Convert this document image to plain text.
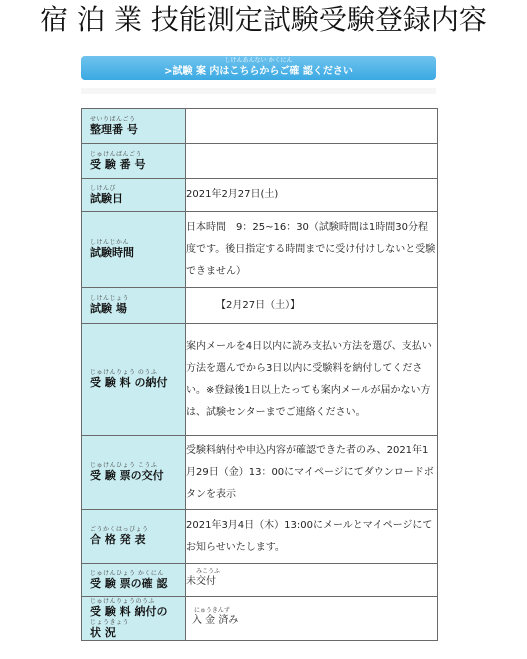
宿 泊 業 技能測定試験受験登録内容
しけんあんない かくにん
>試験 案 内はこちらからご確 認ください
せいりばんごう
整理番 号	

じゅけんばんごう
受 験 番 号	

しけんび
試験日	2021年2月27日(土)

しけんじかん
試験時間	日本時間　9：25~16：30（試験時間は1時間30分程度です。後日指定する時間までに受け付けしないと受験できません）

しけんじょう
試験 場	【2月27日（土）】

じゅけんりょう のうふ
受 験 料 の納付	案内メールを4日以内に読み支払い方法を選び、支払い方法を選んでから3日以内に受験料を納付してください。※登録後1日以上たっても案内メールが届かない方は、試験センターまでご連絡ください。

じゅけんひょう こうふ
受 験 票の交付	受験料納付や申込内容が確認できた者のみ、2021年1月29日（金）13：00にマイページにてダウンロードボタンを表示

ごうかくはっぴょう
合 格 発 表	2021年3月4日（木）13:00にメールとマイページにてお知らせいたします。

じゅけんひょう かくにん
受 験 票の確 認	みこうふ
未交付

じゅけんりょうのうふ
受 験 料 納付の
じょうきょう
状 況	にゅうきんず
入 金 済み
